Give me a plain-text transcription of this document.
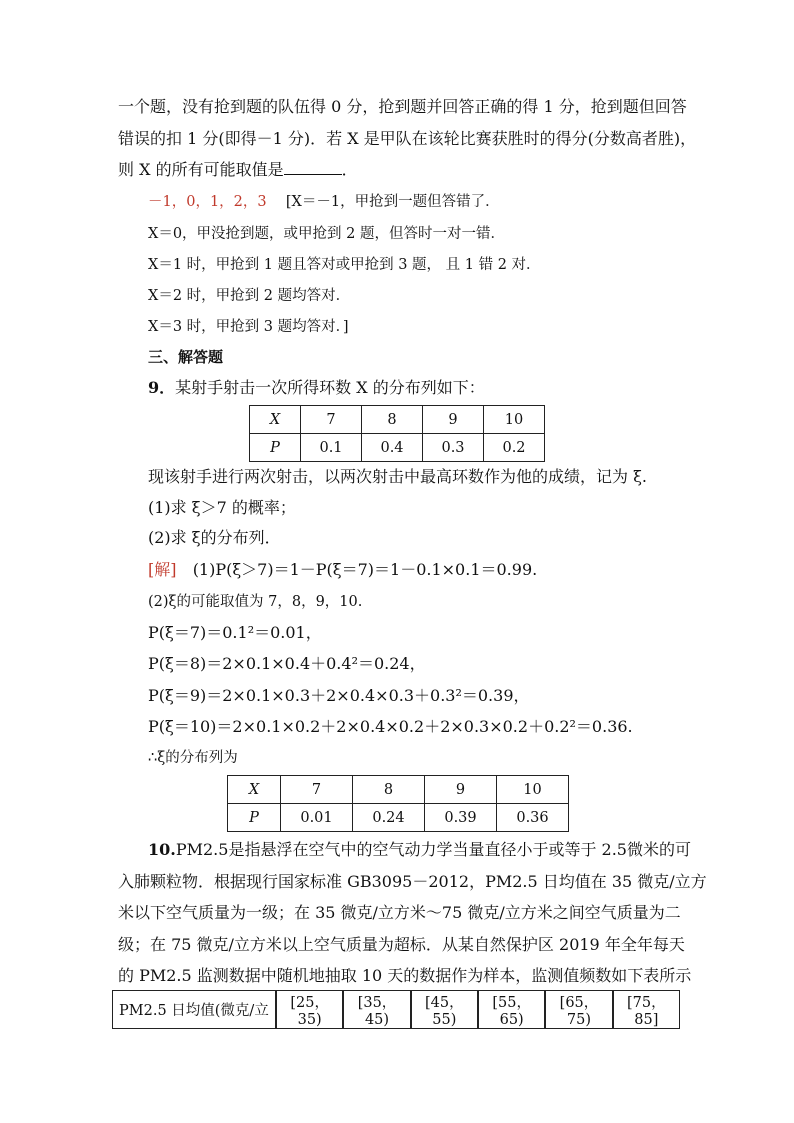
一个题，没有抢到题的队伍得 0 分，抢到题并回答正确的得 1 分，抢到题但回答
错误的扣 1 分(即得－1 分)．若 X 是甲队在该轮比赛获胜时的得分(分数高者胜)，
则 X 的所有可能取值是	．
－1，0，1，2，3 [X＝－1，甲抢到一题但答错了．
X＝0，甲没抢到题，或甲抢到 2 题，但答时一对一错．
X＝1 时，甲抢到 1 题且答对或甲抢到 3 题， 且 1 错 2 对．
X＝2 时，甲抢到 2 题均答对．
X＝3 时，甲抢到 3 题均答对．]
三、解答题
9．某射手射击一次所得环数 X 的分布列如下：
X	7	8	9	10
P	0.1	0.4	0.3	0.2
现该射手进行两次射击，以两次射击中最高环数作为他的成绩，记为 ξ.
(1)求 ξ＞7 的概率；
(2)求 ξ的分布列．
[解] (1)P(ξ＞7)＝1－P(ξ＝7)＝1－0.1×0.1＝0.99.
(2)ξ的可能取值为 7，8，9，10.
P(ξ＝7)＝0.1²＝0.01，
P(ξ＝8)＝2×0.1×0.4＋0.4²＝0.24，
P(ξ＝9)＝2×0.1×0.3＋2×0.4×0.3＋0.3²＝0.39，
P(ξ＝10)＝2×0.1×0.2＋2×0.4×0.2＋2×0.3×0.2＋0.2²＝0.36.
∴ξ的分布列为
X	7	8	9	10
P	0.01	0.24	0.39	0.36
10.PM2.5是指悬浮在空气中的空气动力学当量直径小于或等于 2.5微米的可
入肺颗粒物．根据现行国家标准 GB3095－2012，PM2.5 日均值在 35 微克/立方
米以下空气质量为一级；在 35 微克/立方米～75 微克/立方米之间空气质量为二
级；在 75 微克/立方米以上空气质量为超标．从某自然保护区 2019 年全年每天
的 PM2.5 监测数据中随机地抽取 10 天的数据作为样本，监测值频数如下表所示
PM2.5 日均值(微克/立	[25，35)	[35，45)	[45，55)	[55，65)	[65，75)	[75，85]
